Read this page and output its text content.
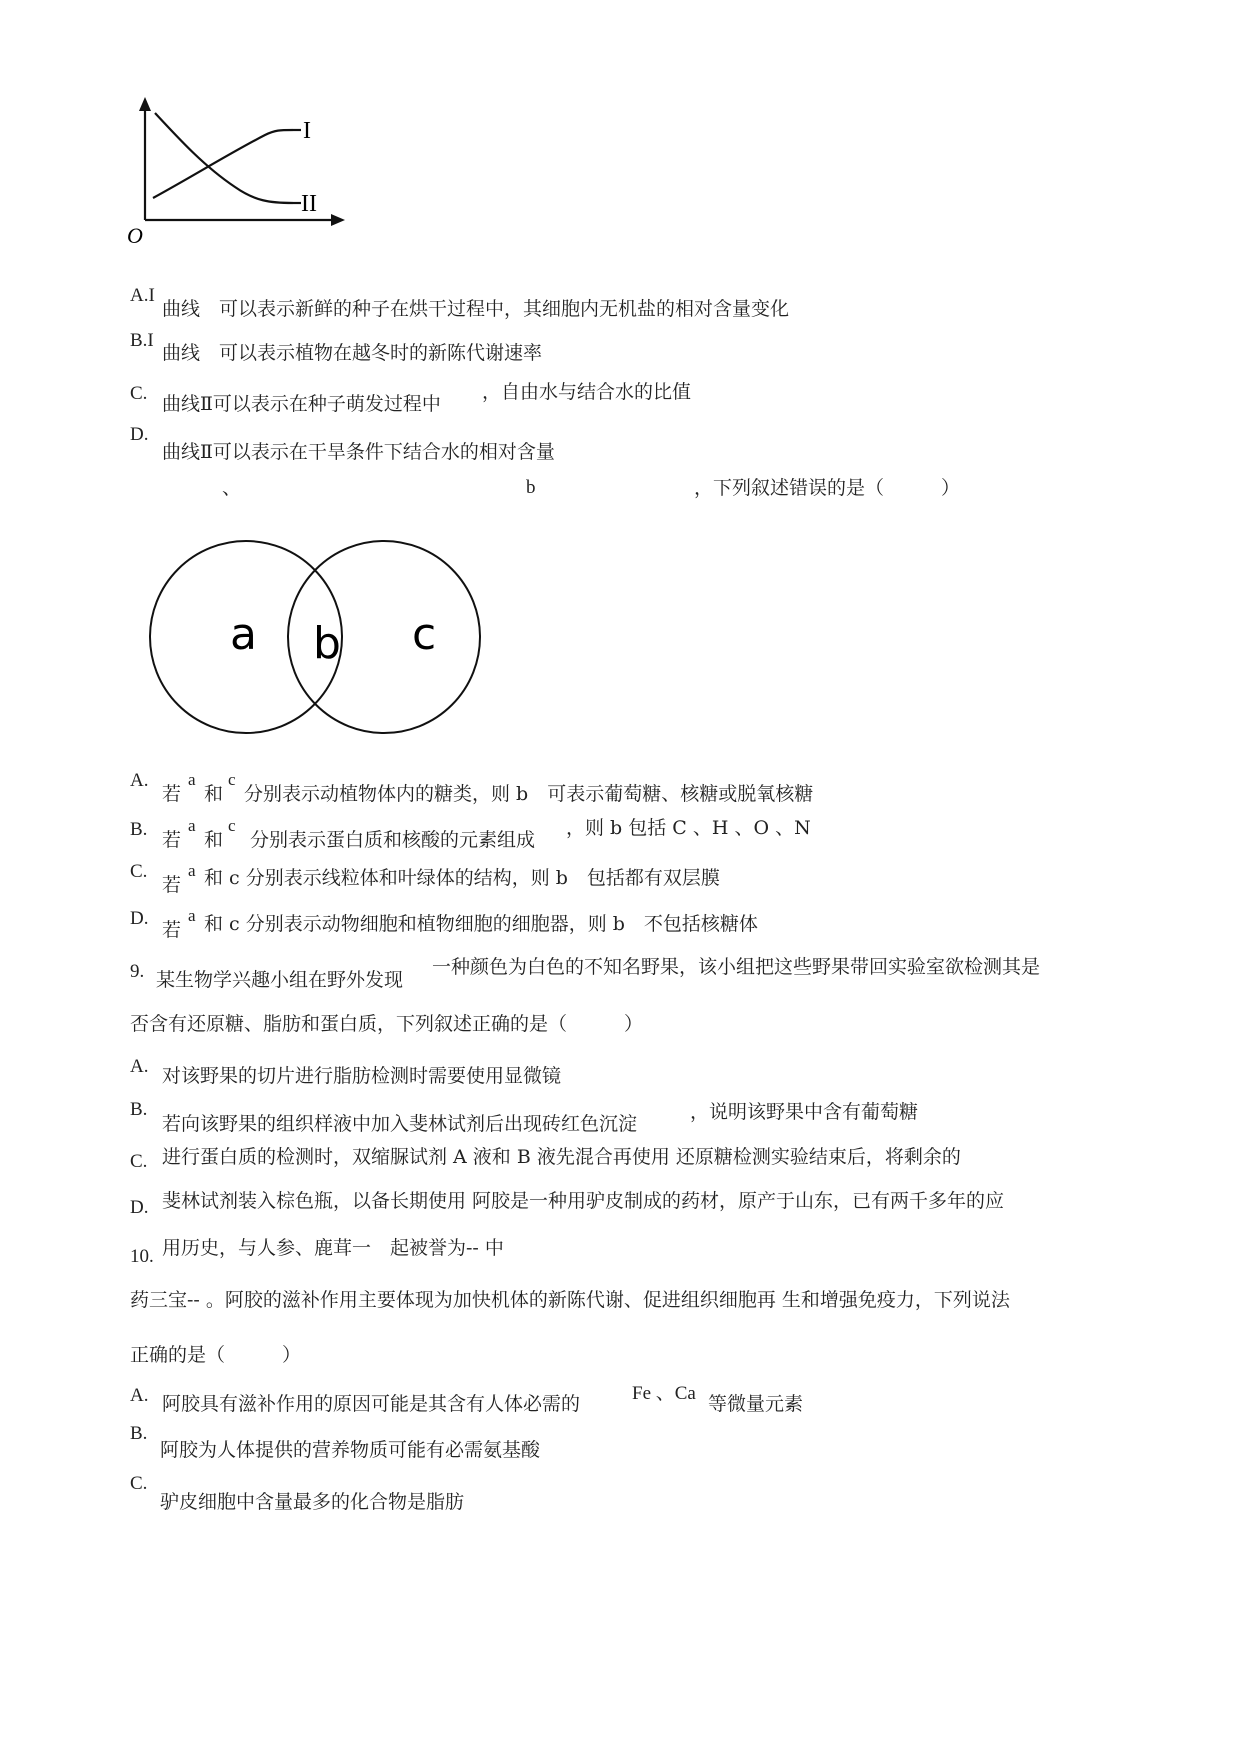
I
II
O
A.I
曲线　可以表示新鲜的种子在烘干过程中，其细胞内无机盐的相对含量变化
B.I
曲线　可以表示植物在越冬时的新陈代谢速率
C. 曲线Ⅱ可以表示在种子萌发过程中
，自由水与结合水的比值
D.
曲线Ⅱ可以表示在干旱条件下结合水的相对含量
、	b	，下列叙述错误的是（　　　）
a b c
A.
若
a
和
c
分别表示动植物体内的糖类，则 b　可表示葡萄糖、核糖或脱氧核糖
B. 若
a
和
c
分别表示蛋白质和核酸的元素组成
，则 b 包括 C 、H 、O 、N
C.
若
a 和 c 分别表示线粒体和叶绿体的结构，则 b　包括都有双层膜
D.
若
a 和 c 分别表示动物细胞和植物细胞的细胞器，则 b　不包括核糖体
9. 某生物学兴趣小组在野外发现
一种颜色为白色的不知名野果，该小组把这些野果带回实验室欲检测其是
否含有还原糖、脂肪和蛋白质，下列叙述正确的是（　　　）
A. 对该野果的切片进行脂肪检测时需要使用显微镜
B.
若向该野果的组织样液中加入斐林试剂后出现砖红色沉淀
，说明该野果中含有葡萄糖
C. 进行蛋白质的检测时，双缩脲试剂 A 液和 B 液先混合再使用 还原糖检测实验结束后，将剩余的
D. 斐林试剂装入棕色瓶，以备长期使用 阿胶是一种用驴皮制成的药材，原产于山东，已有两千多年的应
10. 用历史，与人参、鹿茸一　起被誉为-- 中
药三宝-- 。阿胶的滋补作用主要体现为加快机体的新陈代谢、促进组织细胞再 生和增强免疫力，下列说法
正确的是（　　　）
A. 阿胶具有滋补作用的原因可能是其含有人体必需的	Fe 、Ca 等微量元素
B.
阿胶为人体提供的营养物质可能有必需氨基酸
C.
驴皮细胞中含量最多的化合物是脂肪
